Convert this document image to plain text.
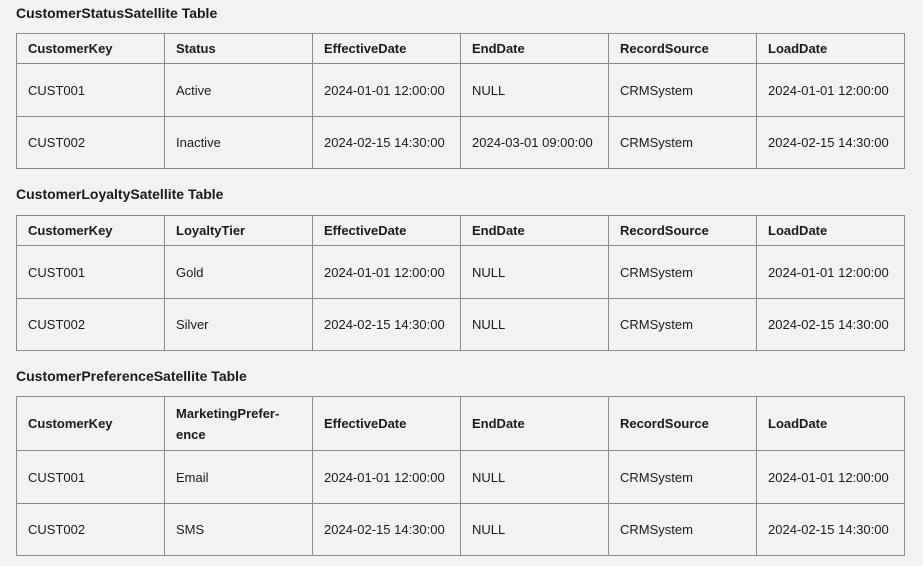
CustomerStatusSatellite Table
CustomerKey	Status	EffectiveDate	EndDate	RecordSource	LoadDate
CUST001	Active	2024-01-01 12:00:00	NULL	CRMSystem	2024-01-01 12:00:00
CUST002	Inactive	2024-02-15 14:30:00	2024-03-01 09:00:00	CRMSystem	2024-02-15 14:30:00
CustomerLoyaltySatellite Table
CustomerKey	LoyaltyTier	EffectiveDate	EndDate	RecordSource	LoadDate
CUST001	Gold	2024-01-01 12:00:00	NULL	CRMSystem	2024-01-01 12:00:00
CUST002	Silver	2024-02-15 14:30:00	NULL	CRMSystem	2024-02-15 14:30:00
CustomerPreferenceSatellite Table
CustomerKey	MarketingPreference	EffectiveDate	EndDate	RecordSource	LoadDate
CUST001	Email	2024-01-01 12:00:00	NULL	CRMSystem	2024-01-01 12:00:00
CUST002	SMS	2024-02-15 14:30:00	NULL	CRMSystem	2024-02-15 14:30:00
